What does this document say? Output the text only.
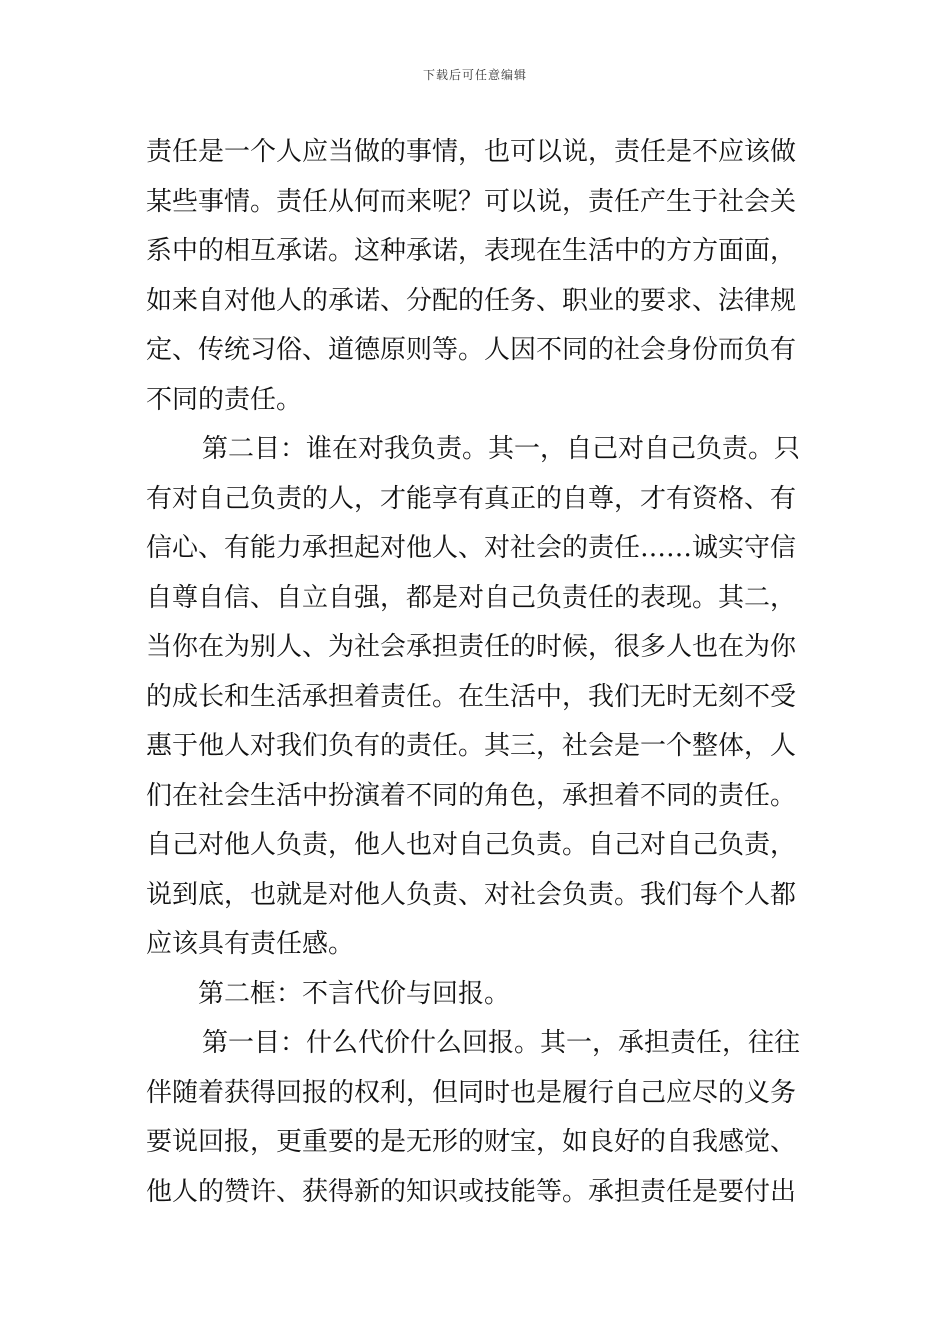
下载后可任意编辑
责任是一个人应当做的事情，也可以说，责任是不应该做
某些事情。责任从何而来呢？可以说，责任产生于社会关
系中的相互承诺。这种承诺，表现在生活中的方方面面，
如来自对他人的承诺、分配的任务、职业的要求、法律规
定、传统习俗、道德原则等。人因不同的社会身份而负有
不同的责任。
第二目：谁在对我负责。其一，自己对自己负责。只
有对自己负责的人，才能享有真正的自尊，才有资格、有
信心、有能力承担起对他人、对社会的责任……诚实守信
自尊自信、自立自强，都是对自己负责任的表现。其二，
当你在为别人、为社会承担责任的时候，很多人也在为你
的成长和生活承担着责任。在生活中，我们无时无刻不受
惠于他人对我们负有的责任。其三，社会是一个整体，人
们在社会生活中扮演着不同的角色，承担着不同的责任。
自己对他人负责，他人也对自己负责。自己对自己负责，
说到底，也就是对他人负责、对社会负责。我们每个人都
应该具有责任感。
第二框：不言代价与回报。
第一目：什么代价什么回报。其一，承担责任，往往
伴随着获得回报的权利，但同时也是履行自己应尽的义务
要说回报，更重要的是无形的财宝，如良好的自我感觉、
他人的赞许、获得新的知识或技能等。承担责任是要付出
